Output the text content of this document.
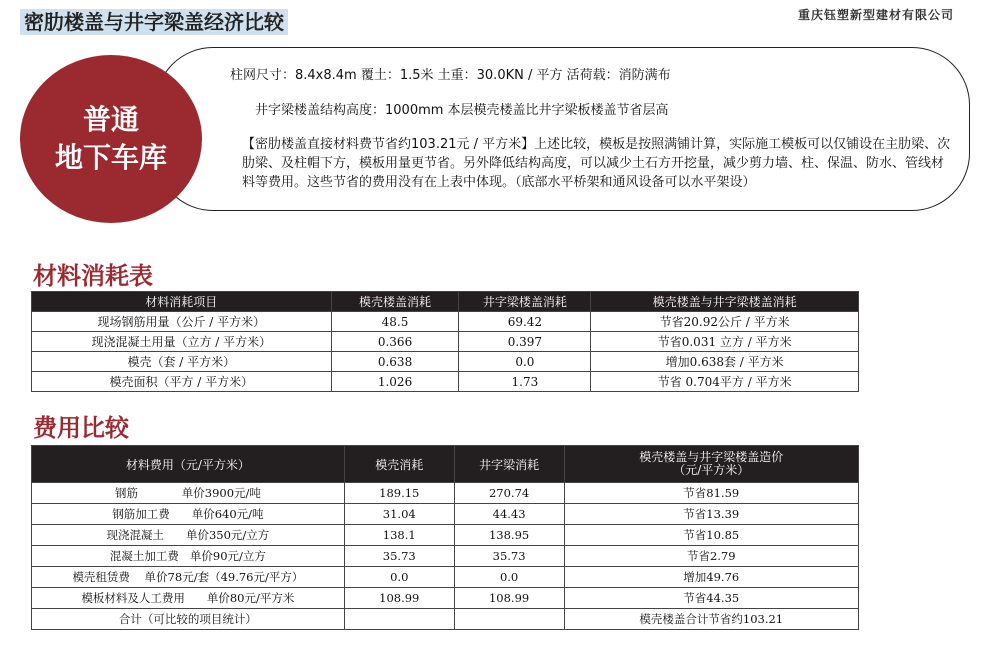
密肋楼盖与井字梁盖经济比较	重庆钰塑新型建材有限公司
普通
地下车库
柱网尺寸：8.4x8.4m 覆土：1.5米 土重：30.0KN / 平方 活荷载：消防满布
井字梁楼盖结构高度：1000mm 本层模壳楼盖比井字梁板楼盖节省层高
【密肋楼盖直接材料费节省约103.21元 / 平方米】上述比较，模板是按照满铺计算，实际施工模板可以仅铺设在主肋梁、次肋梁、及柱帽下方，模板用量更节省。另外降低结构高度，可以减少土石方开挖量，减少剪力墙、柱、保温、防水、管线材料等费用。这些节省的费用没有在上表中体现。（底部水平桥架和通风设备可以水平架设）
材料消耗表
材料消耗项目	模壳楼盖消耗	井字梁楼盖消耗	模壳楼盖与井字梁楼盖消耗
现场钢筋用量（公斤 / 平方米）	48.5	69.42	节省20.92公斤 / 平方米
现浇混凝土用量（立方 / 平方米）	0.366	0.397	节省0.031 立方 / 平方米
模壳（套 / 平方米）	0.638	0.0	增加0.638套 / 平方米
模壳面积（平方 / 平方米）	1.026	1.73	节省 0.704平方 / 平方米
费用比较
材料费用（元/平方米）	模壳消耗	井字梁消耗	模壳楼盖与井字梁楼盖造价
（元/平方米）
钢筋            单价3900元/吨	189.15	270.74	节省81.59
钢筋加工费      单价640元/吨	31.04	44.43	节省13.39
现浇混凝土      单价350元/立方	138.1	138.95	节省10.85
混凝土加工费   单价90元/立方	35.73	35.73	节省2.79
模壳租赁费    单价78元/套（49.76元/平方）	0.0	0.0	增加49.76
模板材料及人工费用      单价80元/平方米	108.99	108.99	节省44.35
合计（可比较的项目统计）			模壳楼盖合计节省约103.21
